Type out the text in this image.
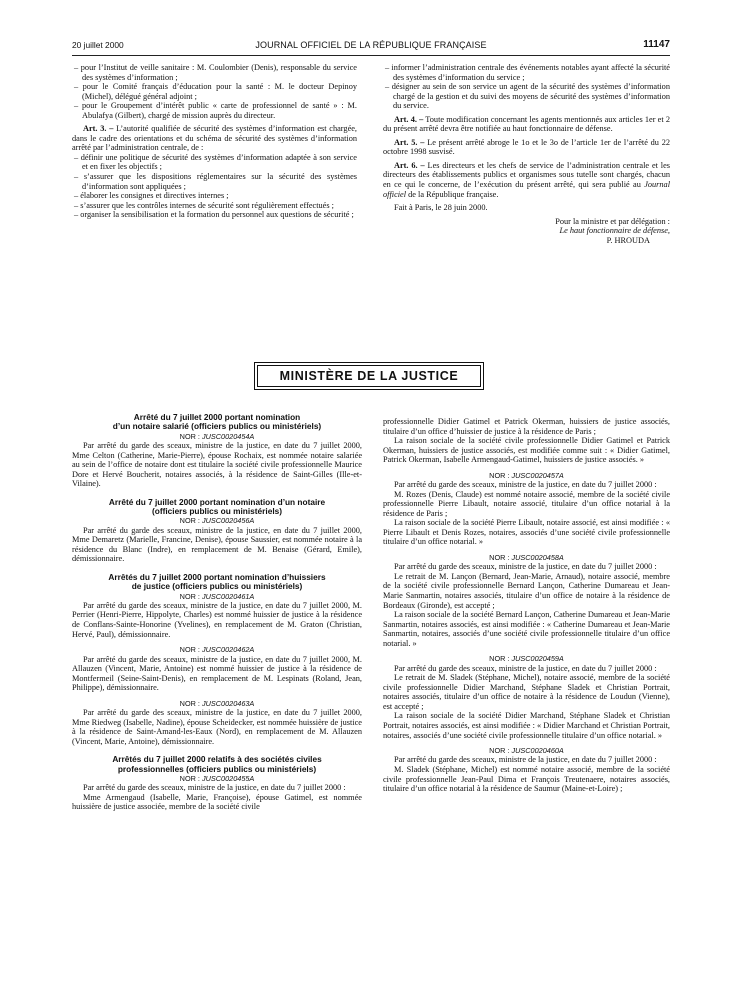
20 juillet 2000	JOURNAL OFFICIEL DE LA RÉPUBLIQUE FRANÇAISE	11147

– pour l’Institut de veille sanitaire : M. Coulombier (Denis), responsable du service des systèmes d’information ;

– pour le Comité français d’éducation pour la santé : M. le docteur Depinoy (Michel), délégué général adjoint ;

– pour le Groupement d’intérêt public « carte de professionnel de santé » : M. Abulafya (Gilbert), chargé de mission auprès du directeur.

Art. 3. – L’autorité qualifiée de sécurité des systèmes d’information est chargée, dans le cadre des orientations et du schéma de sécurité des systèmes d’information arrêté par l’administration centrale, de :

– définir une politique de sécurité des systèmes d’information adaptée à son service et en fixer les objectifs ;

– s’assurer que les dispositions réglementaires sur la sécurité des systèmes d’information sont appliquées ;

– élaborer les consignes et directives internes ;

– s’assurer que les contrôles internes de sécurité sont régulièrement effectués ;

– organiser la sensibilisation et la formation du personnel aux questions de sécurité ;

– informer l’administration centrale des événements notables ayant affecté la sécurité des systèmes d’information du service ;

– désigner au sein de son service un agent de la sécurité des systèmes d’information chargé de la gestion et du suivi des moyens de sécurité des systèmes d’information du service.

Art. 4. – Toute modification concernant les agents mentionnés aux articles 1er et 2 du présent arrêté devra être notifiée au haut fonctionnaire de défense.

Art. 5. – Le présent arrêté abroge le 1o et le 3o de l’article 1er de l’arrêté du 22 octobre 1998 susvisé.

Art. 6. – Les directeurs et les chefs de service de l’administration centrale et les directeurs des établissements publics et organismes sous tutelle sont chargés, chacun en ce qui le concerne, de l’exécution du présent arrêté, qui sera publié au Journal officiel de la République française.

Fait à Paris, le 28 juin 2000.

Pour la ministre et par délégation :

Le haut fonctionnaire de défense,

P. HROUDA

MINISTÈRE DE LA JUSTICE

Arrêté du 7 juillet 2000 portant nomination

d’un notaire salarié (officiers publics ou ministériels)

NOR : JUSC0020454A

Par arrêté du garde des sceaux, ministre de la justice, en date du 7 juillet 2000, Mme Celton (Catherine, Marie-Pierre), épouse Rochaix, est nommée notaire salariée au sein de l’office de notaire dont est titulaire la société civile professionnelle Maurice Dore et Hervé Boucherit, notaires associés, à la résidence de Saint-Gilles (Ille-et-Vilaine).

Arrêté du 7 juillet 2000 portant nomination d’un notaire

(officiers publics ou ministériels)

NOR : JUSC0020456A

Par arrêté du garde des sceaux, ministre de la justice, en date du 7 juillet 2000, Mme Demaretz (Marielle, Francine, Denise), épouse Saussier, est nommée notaire à la résidence du Blanc (Indre), en remplacement de M. Benaise (Gérard, Emile), démissionnaire.

Arrêtés du 7 juillet 2000 portant nomination d’huissiers

de justice (officiers publics ou ministériels)

NOR : JUSC0020461A

Par arrêté du garde des sceaux, ministre de la justice, en date du 7 juillet 2000, M. Perrier (Henri-Pierre, Hippolyte, Charles) est nommé huissier de justice à la résidence de Conflans-Sainte-Honorine (Yvelines), en remplacement de M. Graton (Christian, Hervé, Paul), démissionnaire.

NOR : JUSC0020462A

Par arrêté du garde des sceaux, ministre de la justice, en date du 7 juillet 2000, M. Allauzen (Vincent, Marie, Antoine) est nommé huissier de justice à la résidence de Montfermeil (Seine-Saint-Denis), en remplacement de M. Lespinats (Roland, Jean, Philippe), démissionnaire.

NOR : JUSC0020463A

Par arrêté du garde des sceaux, ministre de la justice, en date du 7 juillet 2000, Mme Riedweg (Isabelle, Nadine), épouse Scheidecker, est nommée huissière de justice à la résidence de Saint-Amand-les-Eaux (Nord), en remplacement de M. Allauzen (Vincent, Marie, Antoine), démissionnaire.

Arrêtés du 7 juillet 2000 relatifs à des sociétés civiles

professionnelles (officiers publics ou ministériels)

NOR : JUSC0020455A

Par arrêté du garde des sceaux, ministre de la justice, en date du 7 juillet 2000 :

Mme Armengaud (Isabelle, Marie, Françoise), épouse Gatimel, est nommée huissière de justice associée, membre de la société civile

professionnelle Didier Gatimel et Patrick Okerman, huissiers de justice associés, titulaire d’un office d’huissier de justice à la résidence de Paris ;

La raison sociale de la société civile professionnelle Didier Gatimel et Patrick Okerman, huissiers de justice associés, est modifiée comme suit : « Didier Gatimel, Patrick Okerman, Isabelle Armengaud-Gatimel, huissiers de justice associés. »

NOR : JUSC0020457A

Par arrêté du garde des sceaux, ministre de la justice, en date du 7 juillet 2000 :

M. Rozes (Denis, Claude) est nommé notaire associé, membre de la société civile professionnelle Pierre Libault, notaire associé, titulaire d’un office notarial à la résidence de Paris ;

La raison sociale de la société Pierre Libault, notaire associé, est ainsi modifiée : « Pierre Libault et Denis Rozes, notaires, associés d’une société civile professionnelle titulaire d’un office notarial. »

NOR : JUSC0020458A

Par arrêté du garde des sceaux, ministre de la justice, en date du 7 juillet 2000 :

Le retrait de M. Lançon (Bernard, Jean-Marie, Arnaud), notaire associé, membre de la société civile professionnelle Bernard Lançon, Catherine Dumareau et Jean-Marie Sanmartin, notaires associés, titulaire d’un office de notaire à la résidence de Bordeaux (Gironde), est accepté ;

La raison sociale de la société Bernard Lançon, Catherine Dumareau et Jean-Marie Sanmartin, notaires associés, est ainsi modifiée : « Catherine Dumareau et Jean-Marie Sanmartin, notaires, associés d’une société civile professionnelle titulaire d’un office notarial. »

NOR : JUSC0020459A

Par arrêté du garde des sceaux, ministre de la justice, en date du 7 juillet 2000 :

Le retrait de M. Sladek (Stéphane, Michel), notaire associé, membre de la société civile professionnelle Didier Marchand, Stéphane Sladek et Christian Portrait, notaires associés, titulaire d’un office de notaire à la résidence de Loudun (Vienne), est accepté ;

La raison sociale de la société Didier Marchand, Stéphane Sladek et Christian Portrait, notaires associés, est ainsi modifiée : « Didier Marchand et Christian Portrait, notaires, associés d’une société civile professionnelle titulaire d’un office notarial. »

NOR : JUSC0020460A

Par arrêté du garde des sceaux, ministre de la justice, en date du 7 juillet 2000 :

M. Sladek (Stéphane, Michel) est nommé notaire associé, membre de la société civile professionnelle Jean-Paul Dima et François Treutenaere, notaires associés, titulaire d’un office notarial à la résidence de Saumur (Maine-et-Loire) ;
